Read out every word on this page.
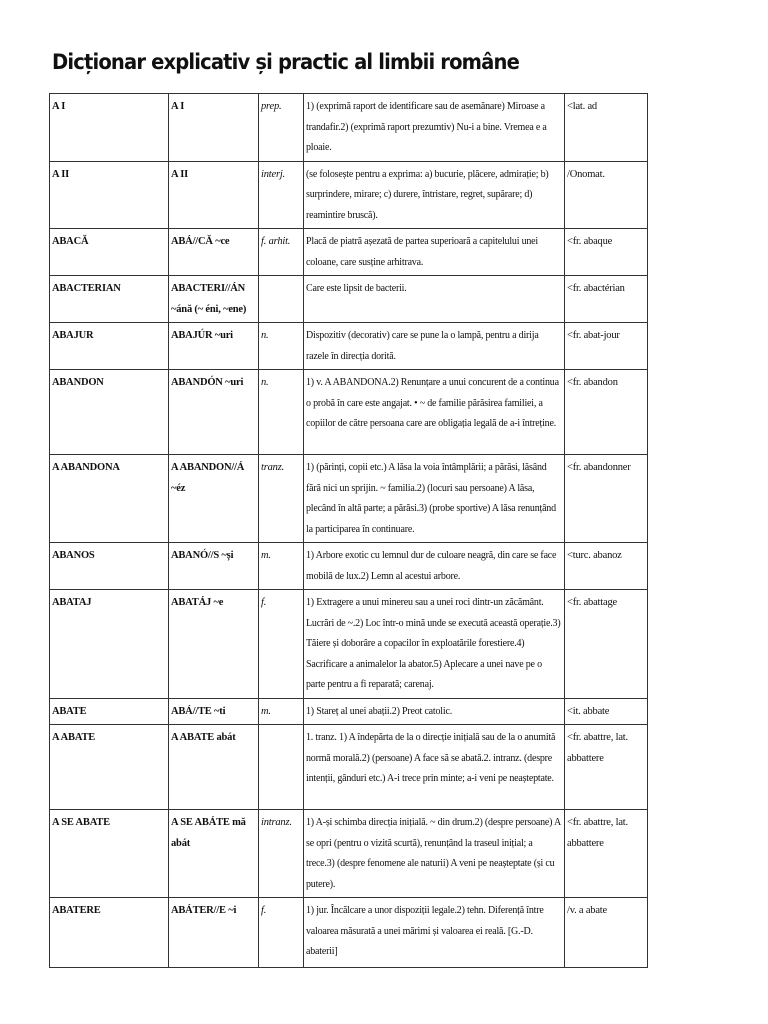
Dicționar explicativ și practic al limbii române
A I	A I	prep.	1) (exprimă raport de identificare sau de asemănare) Miroase a trandafir.2) (exprimă raport prezumtiv) Nu-i a bine. Vremea e a ploaie.	<lat. ad
A II	A II	interj.	(se folosește pentru a exprima: a) bucurie, plăcere, admirație; b) surprindere, mirare; c) durere, întristare, regret, supărare; d) reamintire bruscă).	/Onomat.
ABACĂ	ABÁ//CĂ ~ce	f. arhit.	Placă de piatră așezată de partea superioară a capitelului unei coloane, care susține arhitrava.	<fr. abaque
ABACTERIAN	ABACTERI//ÁN ~ánă (~ éni, ~ene)		Care este lipsit de bacterii.	<fr. abactérian
ABAJUR	ABAJÚR ~uri	n.	Dispozitiv (decorativ) care se pune la o lampă, pentru a dirija razele în direcția dorită.	<fr. abat-jour
ABANDON	ABANDÓN ~uri	n.	1) v. A ABANDONA.2) Renunțare a unui concurent de a continua o probă în care este angajat. • ~ de familie părăsirea familiei, a copiilor de către persoana care are obligația legală de a-i întreține.	<fr. abandon
A ABANDONA	A ABANDON//Á ~éz	tranz.	1) (părinți, copii etc.) A lăsa la voia întâmplării; a părăsi, lăsând fără nici un sprijin. ~ familia.2) (locuri sau persoane) A lăsa, plecând în altă parte; a părăsi.3) (probe sportive) A lăsa renunțând la participarea în continuare.	<fr. abandonner
ABANOS	ABANÓ//S ~și	m.	1) Arbore exotic cu lemnul dur de culoare neagră, din care se face mobilă de lux.2) Lemn al acestui arbore.	<turc. abanoz
ABATAJ	ABATÁJ ~e	f.	1) Extragere a unui minereu sau a unei roci dintr-un zăcământ. Lucrări de ~.2) Loc într-o mină unde se execută această operație.3) Tăiere și doborâre a copacilor în exploatările forestiere.4) Sacrificare a animalelor la abator.5) Aplecare a unei nave pe o parte pentru a fi reparată; carenaj.	<fr. abattage
ABATE	ABÁ//TE ~ti	m.	1) Stareț al unei abații.2) Preot catolic.	<it. abbate
A ABATE	A ABATE abát		1. tranz. 1) A îndepărta de la o direcție inițială sau de la o anumită normă morală.2) (persoane) A face să se abată.2. intranz. (despre intenții, gânduri etc.) A-i trece prin minte; a-i veni pe neașteptate.	<fr. abattre, lat. abbattere
A SE ABATE	A SE ABÁTE mă abát	intranz.	1) A-și schimba direcția inițială. ~ din drum.2) (despre persoane) A se opri (pentru o vizită scurtă), renunțând la traseul inițial; a trece.3) (despre fenomene ale naturii) A veni pe neașteptate (și cu putere).	<fr. abattre, lat. abbattere
ABATERE	ABÁTER//E ~i	f.	1) jur. Încălcare a unor dispoziții legale.2) tehn. Diferență între valoarea măsurată a unei mărimi și valoarea ei reală. [G.-D. abaterii]	/v. a abate
